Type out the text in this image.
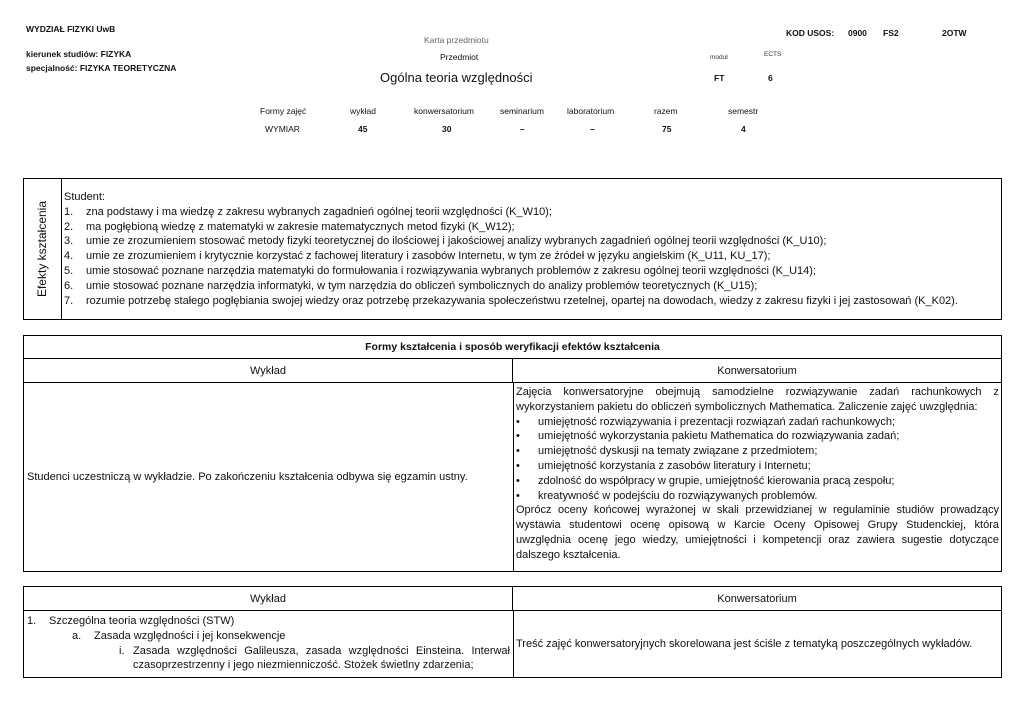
WYDZIAŁ FIZYKI UwB
Karta przedmiotu
kierunek studiów: FIZYKA
specjalność: FIZYKA TEORETYCZNA
Przedmiot
Ogólna teoria względności
moduł	ECTS
FT	6
KOD USOS: 0900 FS2	2OTW
Formy zajęć	wykład	konwersatorium	seminarium	laboratorium	razem	semestr
WYMIAR	45	30	–	–	75	4
Efekty kształcenia
Student:
1.	zna podstawy i ma wiedzę z zakresu wybranych zagadnień ogólnej teorii względności (K_W10);
2.	ma pogłębioną wiedzę z matematyki w zakresie matematycznych metod fizyki (K_W12);
3.	umie ze zrozumieniem stosować metody fizyki teoretycznej do ilościowej i jakościowej analizy wybranych zagadnień ogólnej teorii względności (K_U10);
4.	umie ze zrozumieniem i krytycznie korzystać z fachowej literatury i zasobów Internetu, w tym ze źródeł w języku angielskim (K_U11, KU_17);
5.	umie stosować poznane narzędzia matematyki do formułowania i rozwiązywania wybranych problemów z zakresu ogólnej teorii względności (K_U14);
6.	umie stosować poznane narzędzia informatyki, w tym narzędzia do obliczeń symbolicznych do analizy problemów teoretycznych (K_U15);
7.	rozumie potrzebę stałego pogłębiania swojej wiedzy oraz potrzebę przekazywania społeczeństwu rzetelnej, opartej na dowodach, wiedzy z zakresu fizyki i jej zastosowań (K_K02).
Formy kształcenia i sposób weryfikacji efektów kształcenia
Wykład	Konwersatorium
Studenci uczestniczą w wykładzie. Po zakończeniu kształcenia odbywa się egzamin ustny.
Zajęcia konwersatoryjne obejmują samodzielne rozwiązywanie zadań rachunkowych z wykorzystaniem pakietu do obliczeń symbolicznych Mathematica. Zaliczenie zajęć uwzględnia:
•	umiejętność rozwiązywania i prezentacji rozwiązań zadań rachunkowych;
•	umiejętność wykorzystania pakietu Mathematica do rozwiązywania zadań;
•	umiejętność dyskusji na tematy związane z przedmiotem;
•	umiejętność korzystania z zasobów literatury i Internetu;
•	zdolność do współpracy w grupie, umiejętność kierowania pracą zespołu;
•	kreatywność w podejściu do rozwiązywanych problemów.
Oprócz oceny końcowej wyrażonej w skali przewidzianej w regulaminie studiów prowadzący wystawia studentowi ocenę opisową w Karcie Oceny Opisowej Grupy Studenckiej, która uwzględnia ocenę jego wiedzy, umiejętności i kompetencji oraz zawiera sugestie dotyczące dalszego kształcenia.
Wykład	Konwersatorium
1.	Szczególna teoria względności (STW)
a.	Zasada względności i jej konsekwencje
i. Zasada względności Galileusza, zasada względności Einsteina. Interwał czasoprzestrzenny i jego niezmienniczość. Stożek świetlny zdarzenia;
Treść zajęć konwersatoryjnych skorelowana jest ściśle z tematyką poszczególnych wykładów.
